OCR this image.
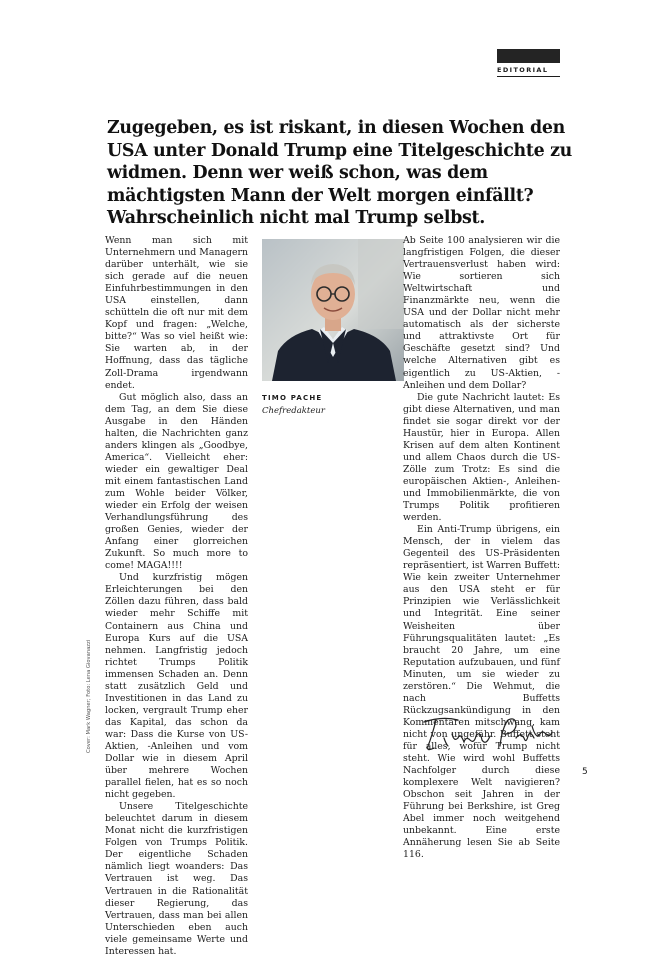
EDITORIAL
Zugegeben, es ist riskant, in diesen Wochen den USA unter Donald Trump eine Titelgeschichte zu widmen. Denn wer weiß schon, was dem mächtigsten Mann der Welt morgen einfällt? Wahrscheinlich nicht mal Trump selbst.

Wenn man sich mit Unternehmern und Managern darüber unterhält, wie sie sich gerade auf die neuen Einfuhrbestimmungen in den USA einstellen, dann schütteln die oft nur mit dem Kopf und fragen: „Welche, bitte?“ Was so viel heißt wie: Sie warten ab, in der Hoffnung, dass das tägliche Zoll-Drama irgendwann endet.

Gut möglich also, dass an dem Tag, an dem Sie diese Ausgabe in den Händen halten, die Nachrichten ganz anders klingen als „Goodbye, America“. Vielleicht eher: wieder ein gewaltiger Deal mit einem fantastischen Land zum Wohle beider Völker, wieder ein Erfolg der weisen Verhandlungsführung des großen Genies, wieder der Anfang einer glorreichen Zukunft. So much more to come! MAGA!!!!

Und kurzfristig mögen Erleichterungen bei den Zöllen dazu führen, dass bald wieder mehr Schiffe mit Containern aus China und Europa Kurs auf die USA nehmen. Langfristig jedoch richtet Trumps Politik immensen Schaden an. Denn statt zusätzlich Geld und Investitionen in das Land zu locken, vergrault Trump eher das Kapital, das schon da war: Dass die Kurse von US-Aktien, -Anleihen und vom Dollar wie in diesem April über mehrere Wochen parallel fielen, hat es so noch nicht gegeben.

Unsere Titelgeschichte beleuchtet darum in diesem Monat nicht die kurzfristigen Folgen von Trumps Politik. Der eigentliche Schaden nämlich liegt woanders: Das Vertrauen ist weg. Das Vertrauen in die Rationalität dieser Regierung, das Vertrauen, dass man bei allen Unterschieden eben auch viele gemeinsame Werte und Interessen hat.

TIMO PACHE
Chefredakteur

Ab Seite 100 analysieren wir die langfristigen Folgen, die dieser Vertrauensverlust haben wird: Wie sortieren sich Weltwirtschaft und Finanzmärkte neu, wenn die USA und der Dollar nicht mehr automatisch als der sicherste und attraktivste Ort für Geschäfte gesetzt sind? Und welche Alternativen gibt es eigentlich zu US-Aktien, -Anleihen und dem Dollar?

Die gute Nachricht lautet: Es gibt diese Alternativen, und man findet sie sogar direkt vor der Haustür, hier in Europa. Allen Krisen auf dem alten Kontinent und allem Chaos durch die US-Zölle zum Trotz: Es sind die europäischen Aktien-, Anleihen- und Immobilienmärkte, die von Trumps Politik profitieren werden.

Ein Anti-Trump übrigens, ein Mensch, der in vielem das Gegenteil des US-Präsidenten repräsentiert, ist Warren Buffett: Wie kein zweiter Unternehmer aus den USA steht er für Prinzipien wie Verlässlichkeit und Integrität. Eine seiner Weisheiten über Führungsqualitäten lautet: „Es braucht 20 Jahre, um eine Reputation aufzubauen, und fünf Minuten, um sie wieder zu zerstören.“ Die Wehmut, die nach Buffetts Rückzugsankündigung in den Kommentaren mitschwang, kam nicht von ungefähr. Buffett steht für alles, wofür Trump nicht steht. Wie wird wohl Buffetts Nachfolger durch diese komplexere Welt navigieren? Obschon seit Jahren in der Führung bei Berkshire, ist Greg Abel immer noch weitgehend unbekannt. Eine erste Annäherung lesen Sie ab Seite 116.

Cover: Mark Wagner; Foto: Lena Giovanazzi
5
